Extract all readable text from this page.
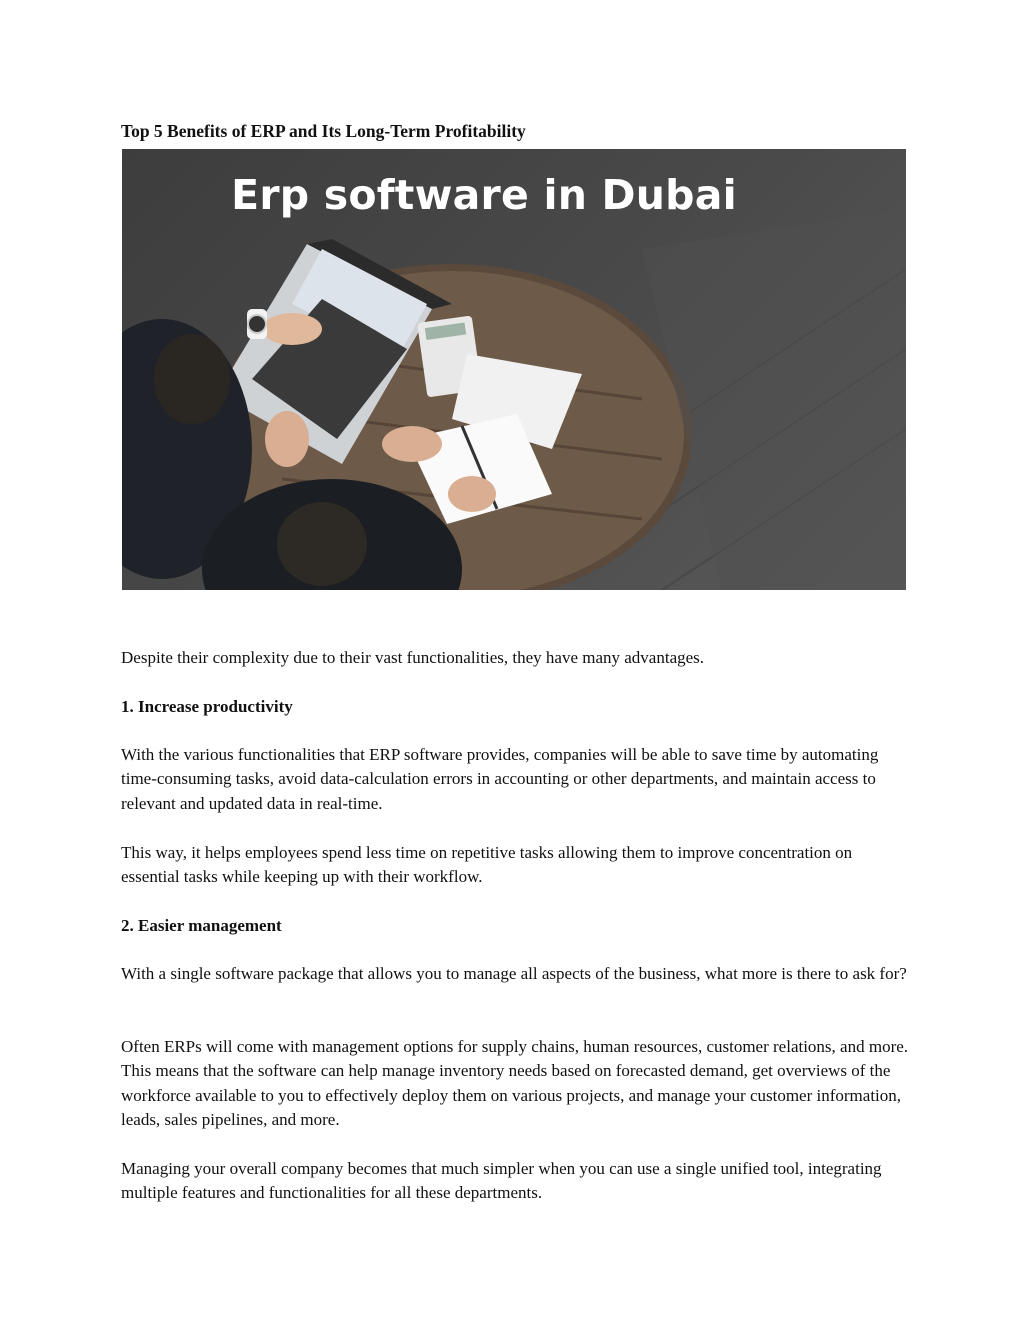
Top 5 Benefits of ERP and Its Long-Term Profitability
Erp software in Dubai

Despite their complexity due to their vast functionalities, they have many advantages.

1. Increase productivity

With the various functionalities that ERP software provides, companies will be able to save time by automating time-consuming tasks, avoid data-calculation errors in accounting or other departments, and maintain access to relevant and updated data in real-time.

This way, it helps employees spend less time on repetitive tasks allowing them to improve concentration on essential tasks while keeping up with their workflow.

2. Easier management

With a single software package that allows you to manage all aspects of the business, what more is there to ask for?

Often ERPs will come with management options for supply chains, human resources, customer relations, and more. This means that the software can help manage inventory needs based on forecasted demand, get overviews of the workforce available to you to effectively deploy them on various projects, and manage your customer information, leads, sales pipelines, and more.

Managing your overall company becomes that much simpler when you can use a single unified tool, integrating multiple features and functionalities for all these departments.
